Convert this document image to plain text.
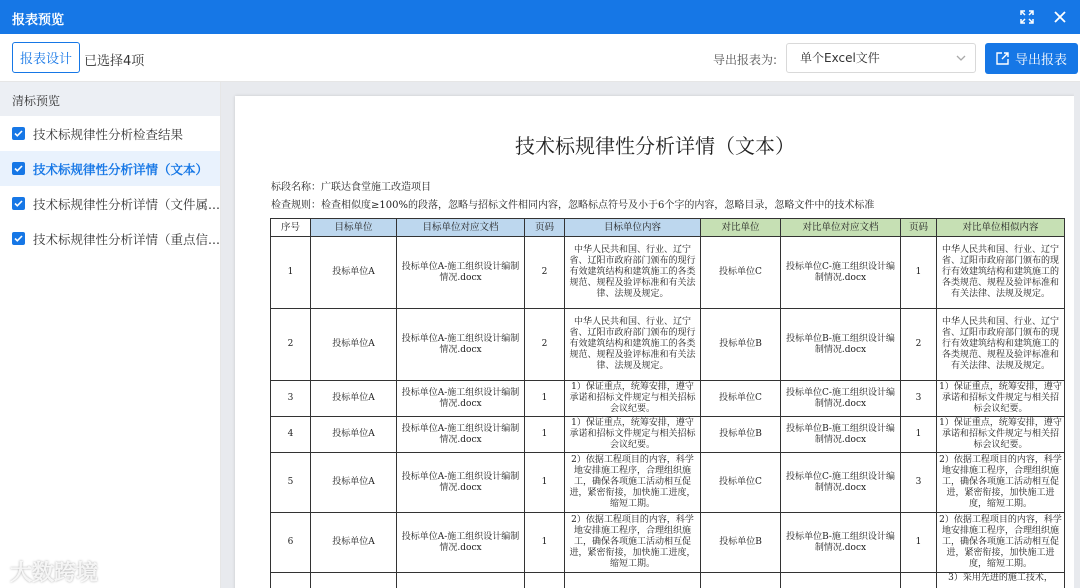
报表预览
报表设计 已选择4项	导出报表为:	单个Excel文件	导出报表
清标预览
技术标规律性分析检查结果
技术标规律性分析详情（文本）
技术标规律性分析详情（文件属...
技术标规律性分析详情（重点信...
技术标规律性分析详情（文本）
标段名称：广联达食堂施工改造项目
检查规则：检查相似度≥100%的段落，忽略与招标文件相同内容，忽略标点符号及小于6个字的内容，忽略目录，忽略文件中的技术标准
序号	目标单位	目标单位对应文档	页码	目标单位内容	对比单位	对比单位对应文档	页码	对比单位相似内容
1	投标单位A	投标单位A-施工组织设计编制情况.docx	2	中华人民共和国、行业、辽宁省、辽阳市政府部门颁布的现行有效建筑结构和建筑施工的各类规范、规程及验评标准和有关法律、法规及规定。	投标单位C	投标单位C-施工组织设计编制情况.docx	1	中华人民共和国、行业、辽宁省、辽阳市政府部门颁布的现行有效建筑结构和建筑施工的各类规范、规程及验评标准和有关法律、法规及规定。
2	投标单位A	投标单位A-施工组织设计编制情况.docx	2	中华人民共和国、行业、辽宁省、辽阳市政府部门颁布的现行有效建筑结构和建筑施工的各类规范、规程及验评标准和有关法律、法规及规定。	投标单位B	投标单位B-施工组织设计编制情况.docx	2	中华人民共和国、行业、辽宁省、辽阳市政府部门颁布的现行有效建筑结构和建筑施工的各类规范、规程及验评标准和有关法律、法规及规定。
3	投标单位A	投标单位A-施工组织设计编制情况.docx	1	1）保证重点，统筹安排，遵守承诺和招标文件规定与相关招标会议纪要。	投标单位C	投标单位C-施工组织设计编制情况.docx	3	1）保证重点，统筹安排，遵守承诺和招标文件规定与相关招标会议纪要。
4	投标单位A	投标单位A-施工组织设计编制情况.docx	1	1）保证重点，统筹安排，遵守承诺和招标文件规定与相关招标会议纪要。	投标单位B	投标单位B-施工组织设计编制情况.docx	1	1）保证重点，统筹安排，遵守承诺和招标文件规定与相关招标会议纪要。
5	投标单位A	投标单位A-施工组织设计编制情况.docx	1	2）依据工程项目的内容，科学地安排施工程序，合理组织施工，确保各项施工活动相互促进，紧密衔接，加快施工进度，缩短工期。	投标单位C	投标单位C-施工组织设计编制情况.docx	3	2）依据工程项目的内容，科学地安排施工程序，合理组织施工，确保各项施工活动相互促进，紧密衔接，加快施工进度，缩短工期。
6	投标单位A	投标单位A-施工组织设计编制情况.docx	1	2）依据工程项目的内容，科学地安排施工程序，合理组织施工，确保各项施工活动相互促进，紧密衔接，加快施工进度，缩短工期。	投标单位B	投标单位B-施工组织设计编制情况.docx	1	2）依据工程项目的内容，科学地安排施工程序，合理组织施工，确保各项施工活动相互促进，紧密衔接，加快施工进度，缩短工期。
								3）采用先进的施工技术，
大数跨境
